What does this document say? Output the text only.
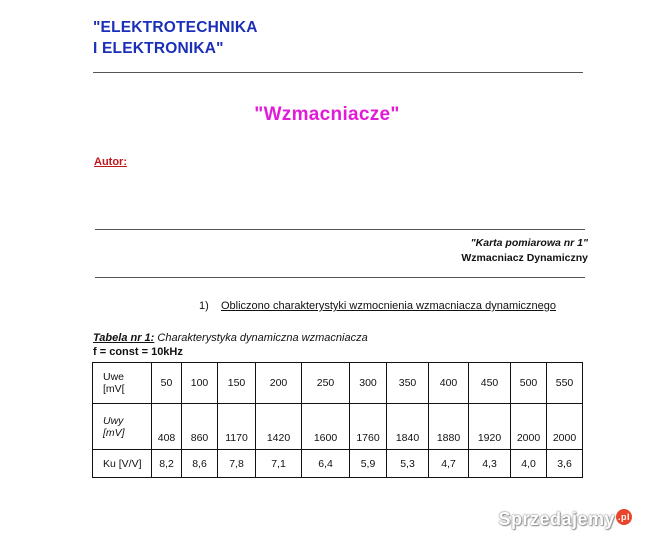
"ELEKTROTECHNIKA
I ELEKTRONIKA"
"Wzmacniacze"
Autor:
"Karta pomiarowa nr 1"
Wzmacniacz Dynamiczny
1) Obliczono charakterystyki wzmocnienia wzmacniacza dynamicznego
Tabela nr 1: Charakterystyka dynamiczna wzmacniacza
f = const = 10kHz
Uwe
[mV[	50	100	150	200	250	300	350	400	450	500	550
Uwy
[mV]	408	860	1170	1420	1600	1760	1840	1880	1920	2000	2000
Ku [V/V]	8,2	8,6	7,8	7,1	6,4	5,9	5,3	4,7	4,3	4,0	3,6
Sprzedajemy .pl
